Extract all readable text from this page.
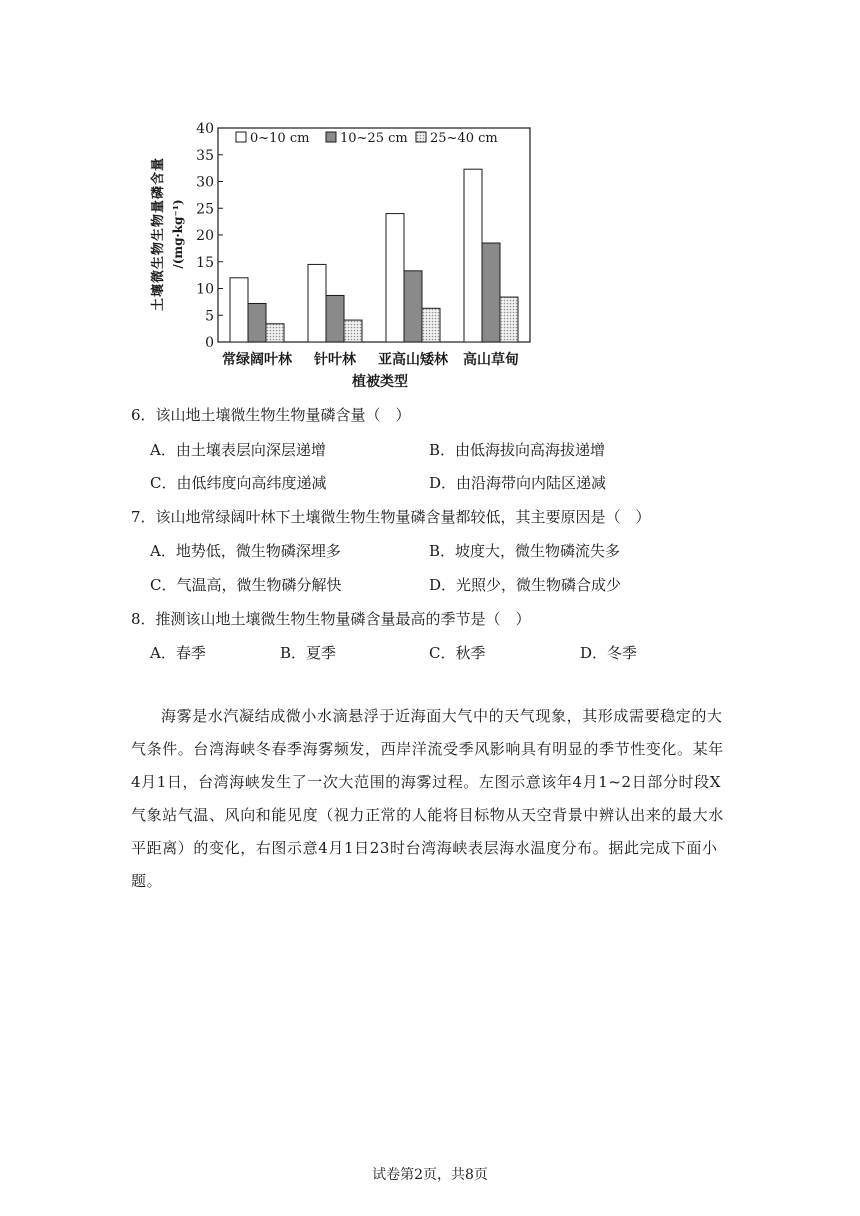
土壤微生物生物量磷含量 /(mg·kg⁻¹)
0
5
10
15
20
25
30
35
40
常绿阔叶林 针叶林 亚高山矮林 高山草甸
0~10 cm 10~25 cm 25~40 cm
植被类型
6．该山地土壤微生物生物量磷含量（　）
A．由土壤表层向深层递增	B．由低海拔向高海拔递增
C．由低纬度向高纬度递减	D．由沿海带向内陆区递减
7．该山地常绿阔叶林下土壤微生物生物量磷含量都较低，其主要原因是（　）
A．地势低，微生物磷深埋多	B．坡度大，微生物磷流失多
C．气温高，微生物磷分解快	D．光照少，微生物磷合成少
8．推测该山地土壤微生物生物量磷含量最高的季节是（　）
A．春季	B．夏季	C．秋季	D．冬季

海雾是水汽凝结成微小水滴悬浮于近海面大气中的天气现象，其形成需要稳定的大气条件。台湾海峡冬春季海雾频发，西岸洋流受季风影响具有明显的季节性变化。某年4月1日，台湾海峡发生了一次大范围的海雾过程。左图示意该年4月1~2日部分时段X气象站气温、风向和能见度（视力正常的人能将目标物从天空背景中辨认出来的最大水平距离）的变化，右图示意4月1日23时台湾海峡表层海水温度分布。据此完成下面小题。

试卷第2页，共8页
